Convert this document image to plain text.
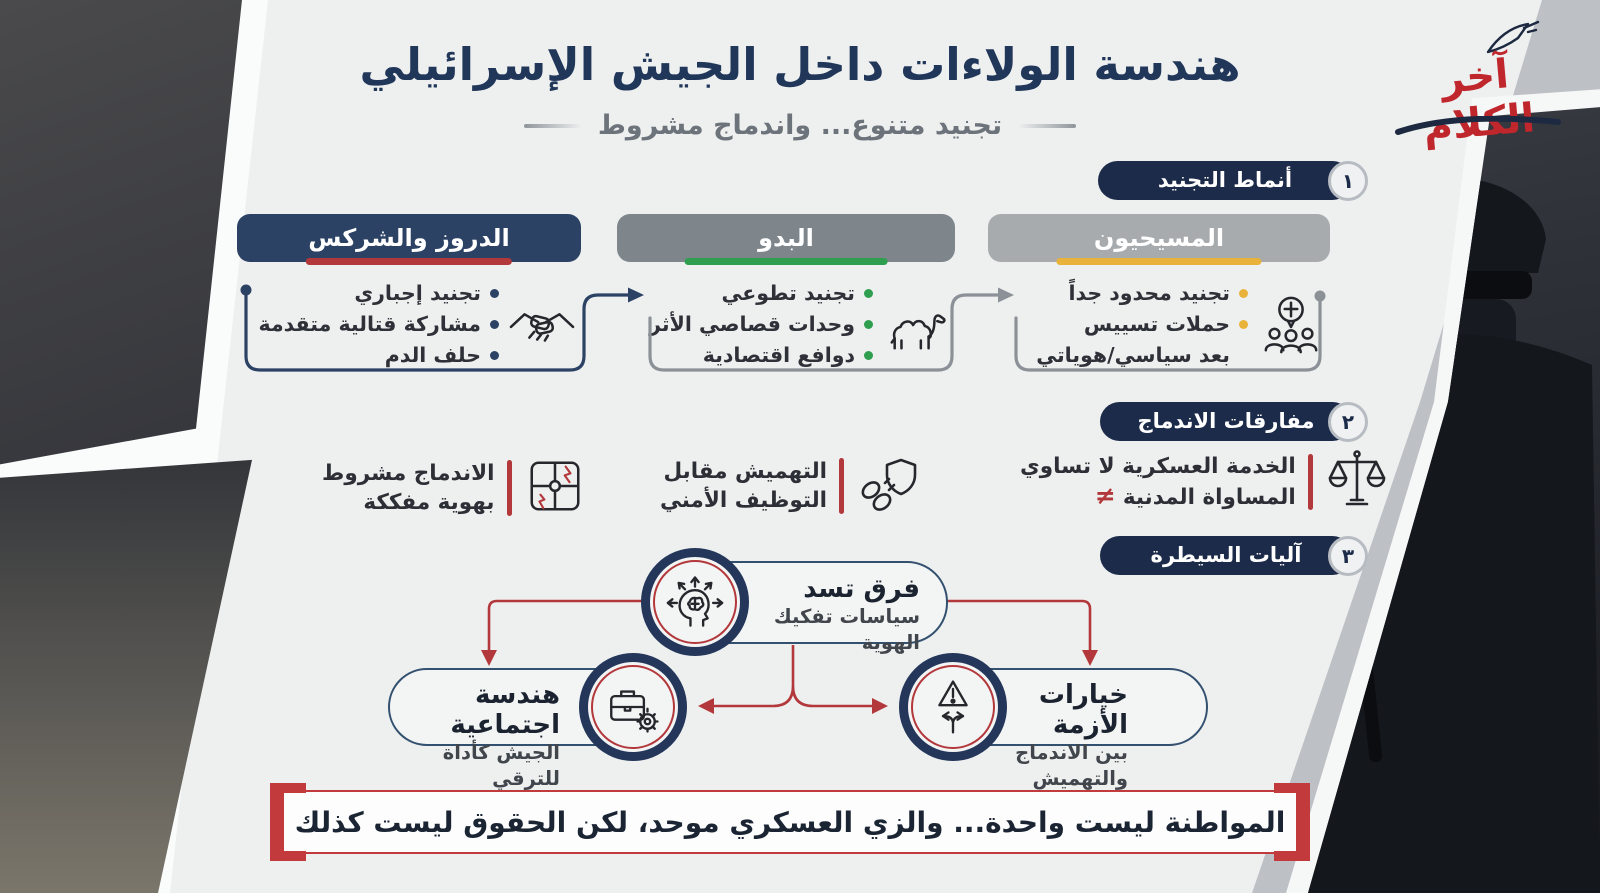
آخر الكلام
هندسة الولاءات داخل الجيش الإسرائيلي
تجنيد متنوع... واندماج مشروط
أنماط التجنيد	١
مفارقات الاندماج	٢
آليات السيطرة	٣
الدروز والشركس
تجنيد إجباري
مشاركة قتالية متقدمة
حلف الدم
البدو
تجنيد تطوعي
وحدات قصاصي الأثر
دوافع اقتصادية
المسيحيون
تجنيد محدود جداً
حملات تسييس
بعد سياسي/هوياتي
الخدمة العسكرية لا تساوي
المساواة المدنية≠
التهميش مقابل
التوظيف الأمني
الاندماج مشروط
بهوية مفككة
فرق تسد
سياسات تفكيك الهوية
هندسة اجتماعية
الجيش كأداة للترقي
خيارات الأزمة
بين الاندماج والتهميش
المواطنة ليست واحدة... والزي العسكري موحد، لكن الحقوق ليست كذلك
